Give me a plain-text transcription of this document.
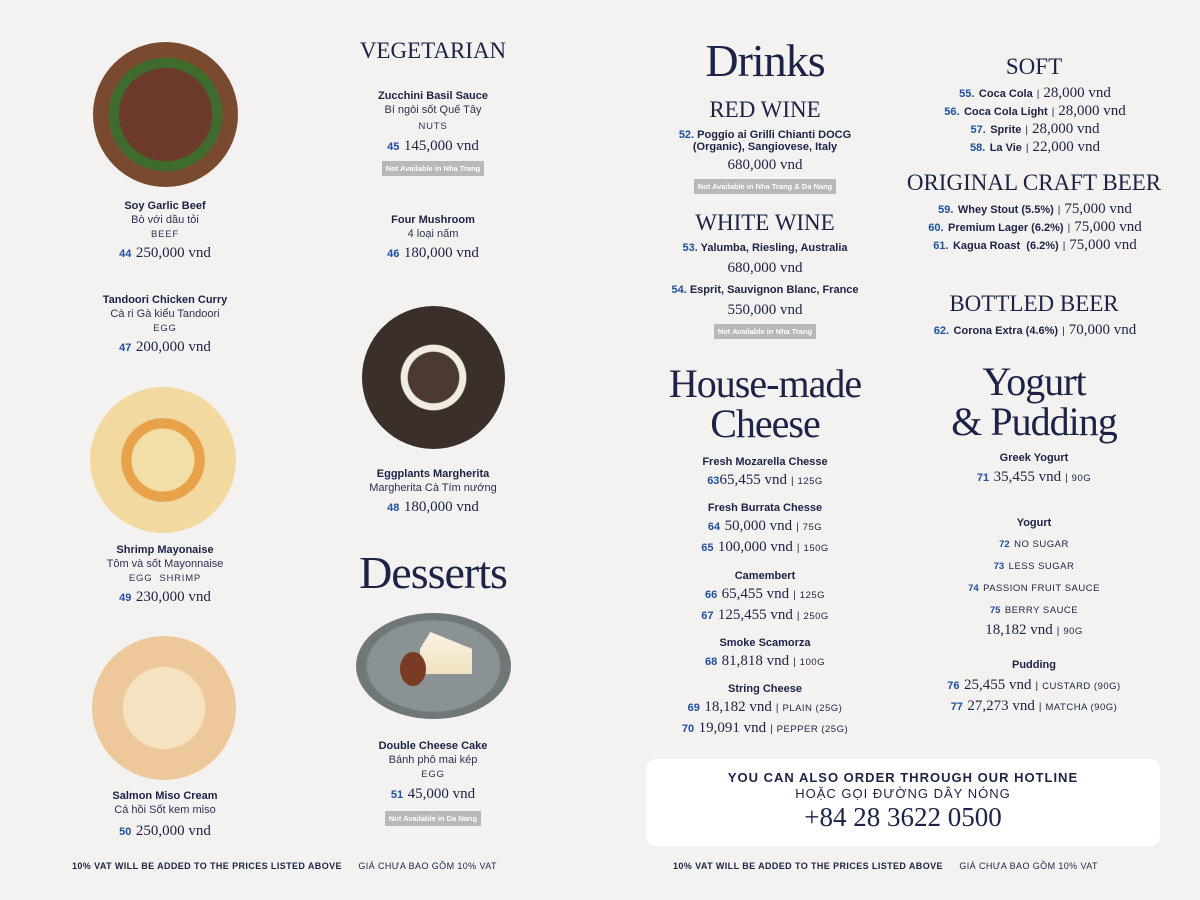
Soy Garlic Beef
Bò với dầu tỏi
BEEF
44 250,000 vnd
Tandoori Chicken Curry
Cà ri Gà kiểu Tandoori
EGG
47 200,000 vnd
Shrimp Mayonaise
Tôm và sốt Mayonnaise
EGG  SHRIMP
49 230,000 vnd
Salmon Miso Cream
Cá hồi Sốt kem miso
50 250,000 vnd
VEGETARIAN
Zucchini Basil Sauce
Bí ngòi sốt Quế Tây
NUTS
45 145,000 vnd
Not Available in Nha Trang
Four Mushroom
4 loại nấm
46 180,000 vnd
Eggplants Margherita
Margherita Cà Tím nướng
48 180,000 vnd
Desserts
Double Cheese Cake
Bánh phô mai kép
EGG
51 45,000 vnd
Not Available in Da Nang
10% VAT WILL BE ADDED TO THE PRICES LISTED ABOVE GIÁ CHƯA BAO GỒM 10% VAT
Drinks
RED WINE
52. Poggio ai Grilli Chianti DOCG
(Organic), Sangiovese, Italy
680,000 vnd
Not Available in Nha Trang & Da Nang
WHITE WINE
53. Yalumba, Riesling, Australia
680,000 vnd
54. Esprit, Sauvignon Blanc, France
550,000 vnd
Not Available in Nha Trang
House-made
Cheese
Fresh Mozarella Chesse
6365,455 vnd | 125G
Fresh Burrata Chesse
64 50,000 vnd | 75G
65 100,000 vnd | 150G
Camembert
66 65,455 vnd | 125G
67 125,455 vnd | 250G
Smoke Scamorza
68 81,818 vnd | 100G
String Cheese
69 18,182 vnd | PLAIN (25G)
70 19,091 vnd | PEPPER (25G)
SOFT
55. Coca Cola | 28,000 vnd
56. Coca Cola Light | 28,000 vnd
57. Sprite | 28,000 vnd
58. La Vie | 22,000 vnd
ORIGINAL CRAFT BEER
59. Whey Stout (5.5%) | 75,000 vnd
60. Premium Lager (6.2%) | 75,000 vnd
61. Kagua Roast  (6.2%) | 75,000 vnd
BOTTLED BEER
62. Corona Extra (4.6%) | 70,000 vnd
Yogurt
& Pudding
Greek Yogurt
71 35,455 vnd | 90G
Yogurt
72 NO SUGAR
73 LESS SUGAR
74 PASSION FRUIT SAUCE
75 BERRY SAUCE
18,182 vnd | 90G
Pudding
76 25,455 vnd | CUSTARD (90G)
77 27,273 vnd | MATCHA (90G)
YOU CAN ALSO ORDER THROUGH OUR HOTLINE
HOẶC GỌI ĐƯỜNG DÂY NÓNG
+84 28 3622 0500
10% VAT WILL BE ADDED TO THE PRICES LISTED ABOVE GIÁ CHƯA BAO GỒM 10% VAT
